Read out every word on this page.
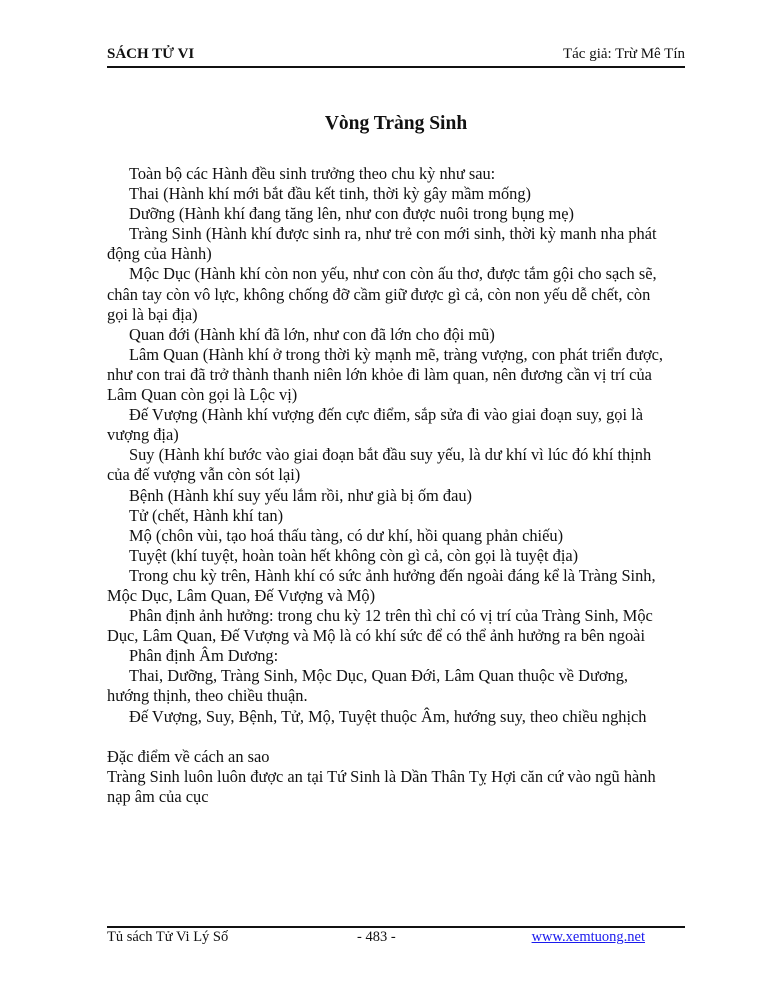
SÁCH TỬ VI	Tác giả: Trừ Mê Tín
Vòng Tràng Sinh

Toàn bộ các Hành đều sinh trưởng theo chu kỳ như sau:

Thai (Hành khí mới bắt đầu kết tinh, thời kỳ gây mầm mống)

Dưỡng (Hành khí đang tăng lên, như con được nuôi trong bụng mẹ)

Tràng Sinh (Hành khí được sinh ra, như trẻ con mới sinh, thời kỳ manh nha phát động của Hành)

Mộc Dục (Hành khí còn non yếu, như con còn ấu thơ, được tắm gội cho sạch sẽ, chân tay còn vô lực, không chống đỡ cầm giữ được gì cả, còn non yếu dễ chết, còn gọi là bại địa)

Quan đới (Hành khí đã lớn, như con đã lớn cho đội mũ)

Lâm Quan (Hành khí ở trong thời kỳ mạnh mẽ, tràng vượng, con phát triển được, như con trai đã trở thành thanh niên lớn khỏe đi làm quan, nên đương cần vị trí của Lâm Quan còn gọi là Lộc vị)

Đế Vượng (Hành khí vượng đến cực điểm, sắp sửa đi vào giai đoạn suy, gọi là vượng địa)

Suy (Hành khí bước vào giai đoạn bắt đầu suy yếu, là dư khí vì lúc đó khí thịnh của đế vượng vẫn còn sót lại)

Bệnh (Hành khí suy yếu lắm rồi, như già bị ốm đau)

Tử (chết, Hành khí tan)

Mộ (chôn vùi, tạo hoá thấu tàng, có dư khí, hồi quang phản chiếu)

Tuyệt (khí tuyệt, hoàn toàn hết không còn gì cả, còn gọi là tuyệt địa)

Trong chu kỳ trên, Hành khí có sức ảnh hưởng đến ngoài đáng kể là Tràng Sinh, Mộc Dục, Lâm Quan, Đế Vượng và Mộ)

Phân định ảnh hưởng: trong chu kỳ 12 trên thì chỉ có vị trí của Tràng Sinh, Mộc Dục, Lâm Quan, Đế Vượng và Mộ là có khí sức để có thể ảnh hưởng ra bên ngoài

Phân định Âm Dương:

Thai, Dưỡng, Tràng Sinh, Mộc Dục, Quan Đới, Lâm Quan thuộc về Dương, hướng thịnh, theo chiều thuận.

Đế Vượng, Suy, Bệnh, Tử, Mộ, Tuyệt thuộc Âm, hướng suy, theo chiều nghịch

Đặc điểm về cách an sao

Tràng Sinh luôn luôn được an tại Tứ Sinh là Dần Thân Tỵ Hợi căn cứ vào ngũ hành nạp âm của cục

Tủ sách Tử Vi Lý Số	- 483 -	www.xemtuong.net
